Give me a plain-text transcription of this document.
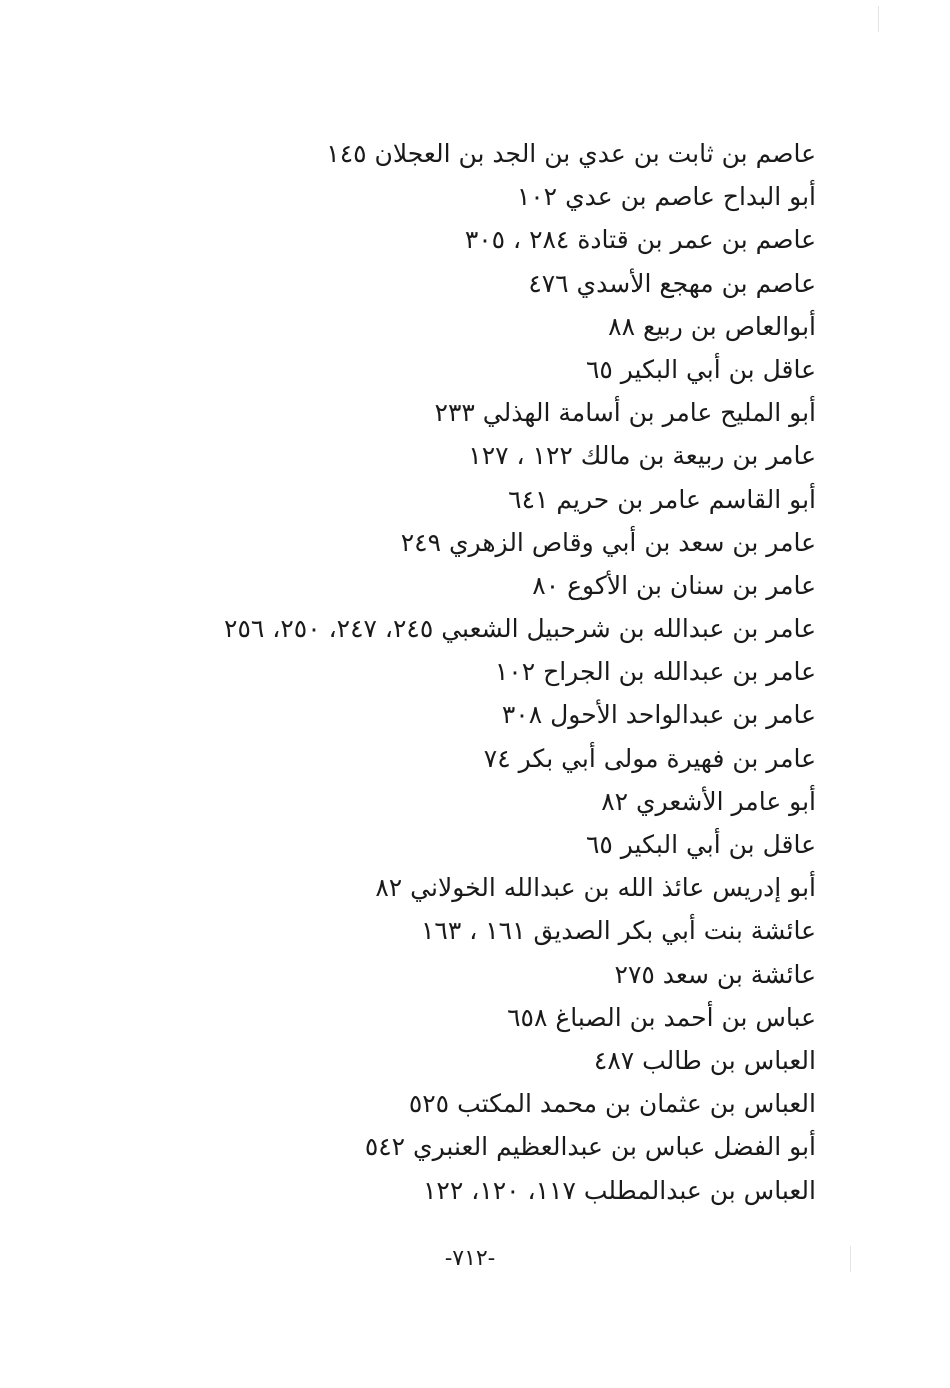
عاصم بن ثابت بن عدي بن الجد بن العجلان ١٤٥
أبو البداح عاصم بن عدي ١٠٢
عاصم بن عمر بن قتادة ٢٨٤ ، ٣٠٥
عاصم بن مهجع الأسدي ٤٧٦
أبوالعاص بن ربيع ٨٨
عاقل بن أبي البكير ٦٥
أبو المليح عامر بن أسامة الهذلي ٢٣٣
عامر بن ربيعة بن مالك ١٢٢ ، ١٢٧
أبو القاسم عامر بن حريم ٦٤١
عامر بن سعد بن أبي وقاص الزهري ٢٤٩
عامر بن سنان بن الأكوع ٨٠
عامر بن عبدالله بن شرحبيل الشعبي ٢٤٥، ٢٤٧، ٢٥٠، ٢٥٦
عامر بن عبدالله بن الجراح ١٠٢
عامر بن عبدالواحد الأحول ٣٠٨
عامر بن فهيرة مولى أبي بكر ٧٤
أبو عامر الأشعري ٨٢
عاقل بن أبي البكير ٦٥
أبو إدريس عائذ الله بن عبدالله الخولاني ٨٢
عائشة بنت أبي بكر الصديق ١٦١ ، ١٦٣
عائشة بن سعد ٢٧٥
عباس بن أحمد بن الصباغ ٦٥٨
العباس بن طالب ٤٨٧
العباس بن عثمان بن محمد المكتب ٥٢٥
أبو الفضل عباس بن عبدالعظيم العنبري ٥٤٢
العباس بن عبدالمطلب ١١٧، ١٢٠، ١٢٢
-٧١٢-
